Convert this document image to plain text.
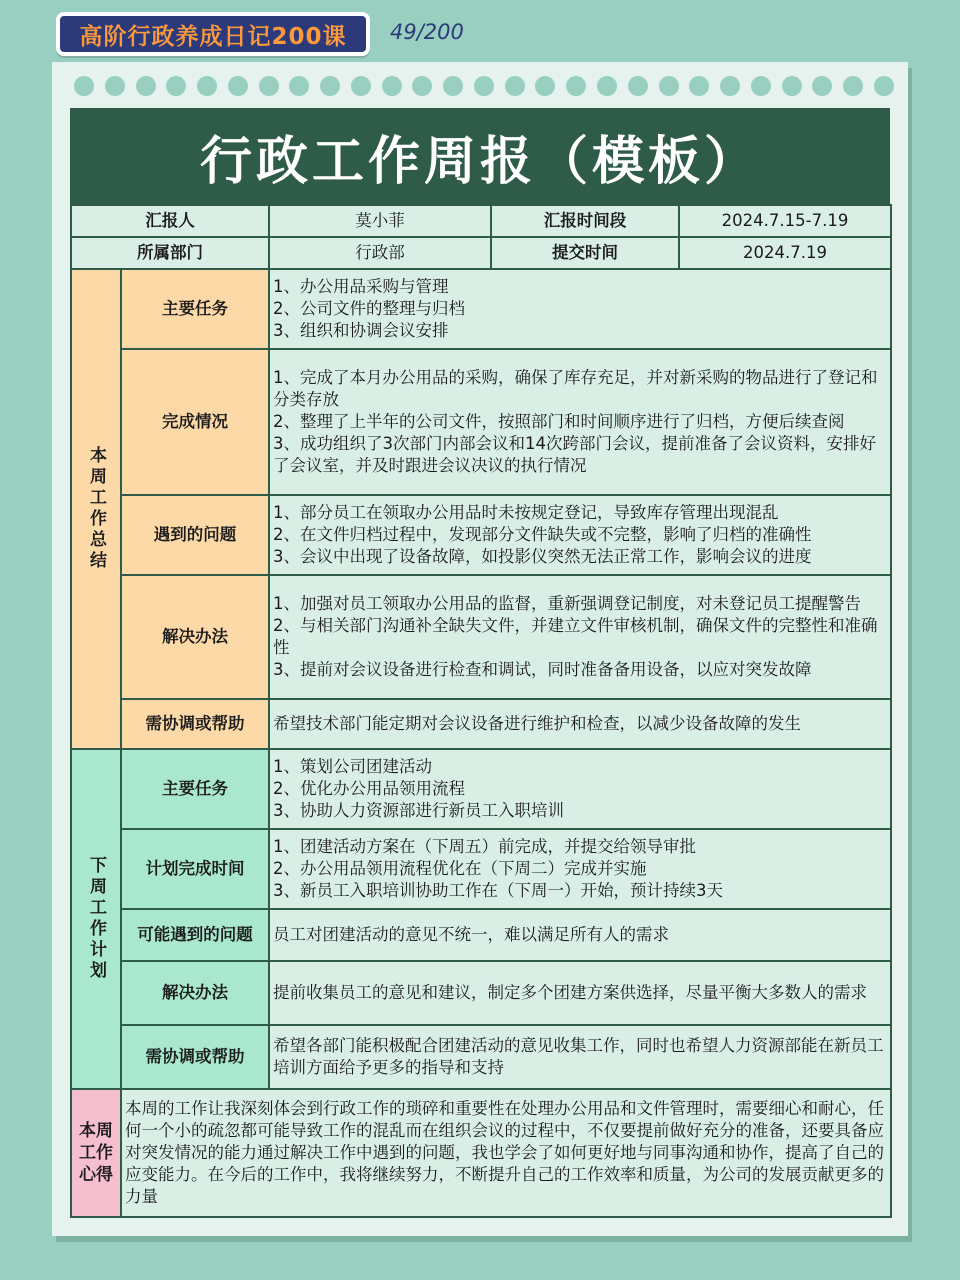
高阶行政养成日记200课	49/200
行政工作周报（模板）
汇报人		莫小菲	汇报时间段	2024.7.15-7.19
所属部门		行政部	提交时间	2024.7.19
本周工作总结	主要任务	1、办公用品采购与管理
2、公司文件的整理与归档
3、组织和协调会议安排		

	完成情况	1、完成了本月办公用品的采购，确保了库存充足，并对新采购的物品进行了登记和分类存放
2、整理了上半年的公司文件，按照部门和时间顺序进行了归档，方便后续查阅
3、成功组织了3次部门内部会议和14次跨部门会议，提前准备了会议资料，安排好了会议室，并及时跟进会议决议的执行情况		

	遇到的问题	1、部分员工在领取办公用品时未按规定登记，导致库存管理出现混乱
2、在文件归档过程中，发现部分文件缺失或不完整，影响了归档的准确性
3、会议中出现了设备故障，如投影仪突然无法正常工作，影响会议的进度		

	解决办法	1、加强对员工领取办公用品的监督，重新强调登记制度，对未登记员工提醒警告
2、与相关部门沟通补全缺失文件，并建立文件审核机制，确保文件的完整性和准确性
3、提前对会议设备进行检查和调试，同时准备备用设备，以应对突发故障		

	需协调或帮助	希望技术部门能定期对会议设备进行维护和检查，以减少设备故障的发生		

下周工作计划	主要任务	1、策划公司团建活动
2、优化办公用品领用流程
3、协助人力资源部进行新员工入职培训		

	计划完成时间	1、团建活动方案在（下周五）前完成，并提交给领导审批
2、办公用品领用流程优化在（下周二）完成并实施
3、新员工入职培训协助工作在（下周一）开始，预计持续3天		

	可能遇到的问题	员工对团建活动的意见不统一，难以满足所有人的需求		

	解决办法	提前收集员工的意见和建议，制定多个团建方案供选择，尽量平衡大多数人的需求		

	需协调或帮助	希望各部门能积极配合团建活动的意见收集工作，同时也希望人力资源部能在新员工培训方面给予更多的指导和支持		

本周工作心得	本周的工作让我深刻体会到行政工作的琐碎和重要性在处理办公用品和文件管理时，需要细心和耐心，任何一个小的疏忽都可能导致工作的混乱而在组织会议的过程中，不仅要提前做好充分的准备，还要具备应对突发情况的能力通过解决工作中遇到的问题，我也学会了如何更好地与同事沟通和协作，提高了自己的应变能力。在今后的工作中，我将继续努力，不断提升自己的工作效率和质量，为公司的发展贡献更多的力量			
